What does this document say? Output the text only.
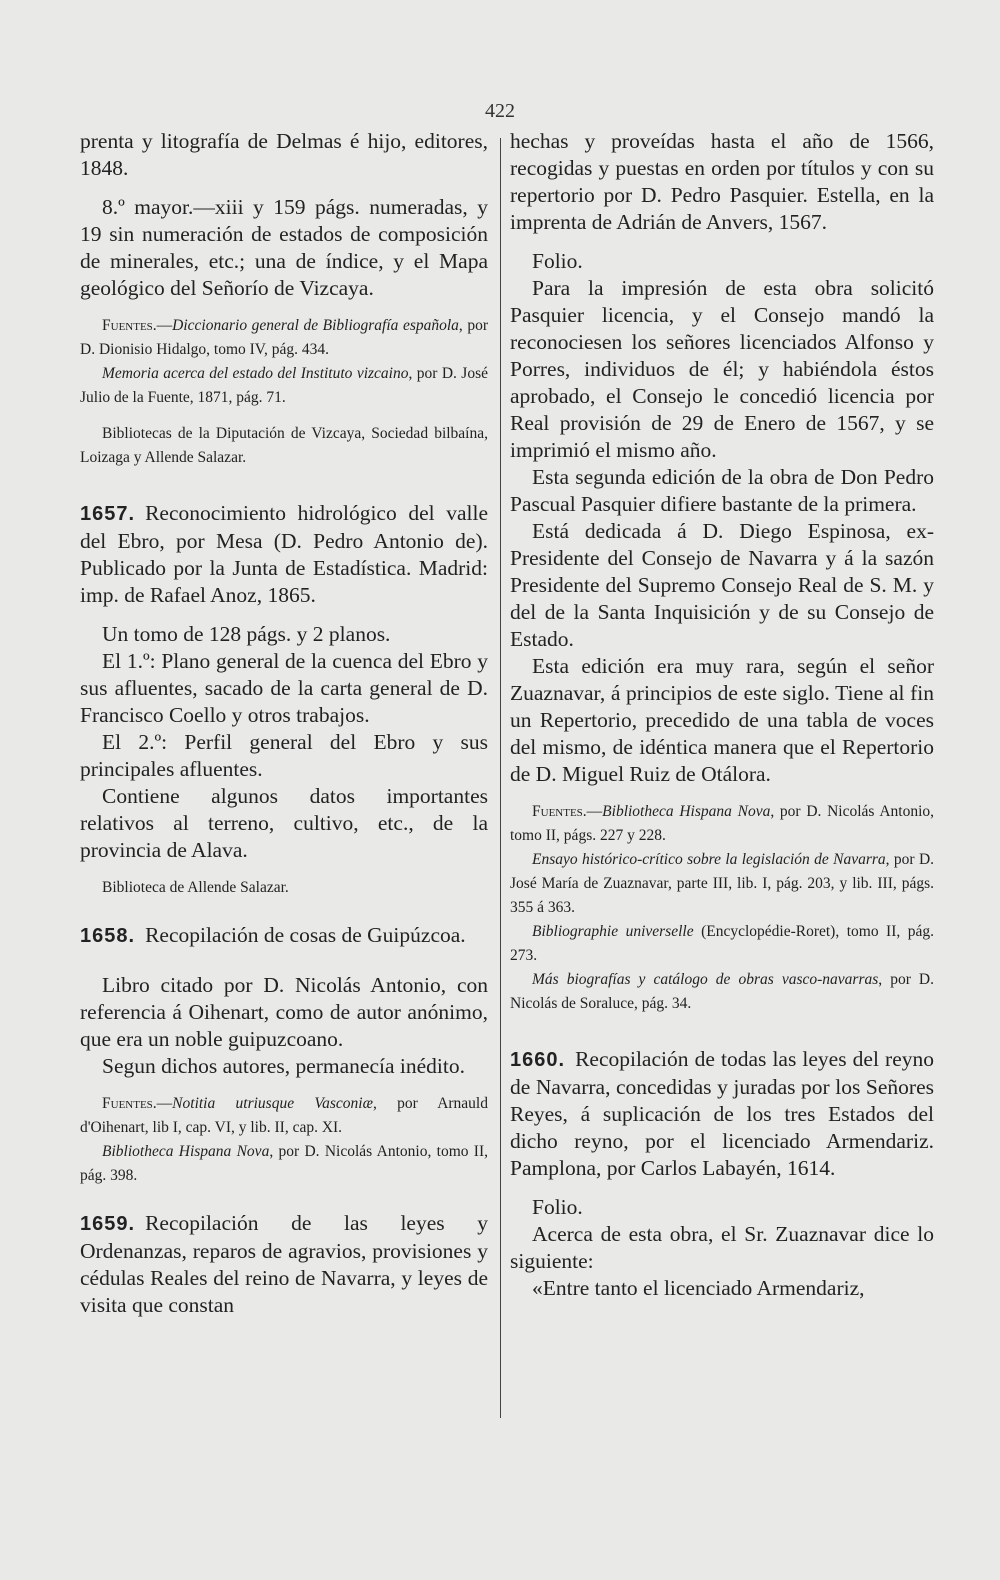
422

prenta y litografía de Delmas é hijo, editores, 1848.

8.º mayor.—xiii y 159 págs. numeradas, y 19 sin numeración de estados de composición de minerales, etc.; una de índice, y el Mapa geológico del Señorío de Vizcaya.

Fuentes.—Diccionario general de Bibliografía española, por D. Dionisio Hidalgo, tomo IV, pág. 434.

Memoria acerca del estado del Instituto vizcaino, por D. José Julio de la Fuente, 1871, pág. 71.

Bibliotecas de la Diputación de Vizcaya, Sociedad bilbaína, Loizaga y Allende Salazar.

1657. Reconocimiento hidrológico del valle del Ebro, por Mesa (D. Pedro Antonio de). Publicado por la Junta de Estadística. Madrid: imp. de Rafael Anoz, 1865.

Un tomo de 128 págs. y 2 planos.

El 1.º: Plano general de la cuenca del Ebro y sus afluentes, sacado de la carta general de D. Francisco Coello y otros trabajos.

El 2.º: Perfil general del Ebro y sus principales afluentes.

Contiene algunos datos importantes relativos al terreno, cultivo, etc., de la provincia de Alava.

Biblioteca de Allende Salazar.

1658. Recopilación de cosas de Guipúzcoa.

Libro citado por D. Nicolás Antonio, con referencia á Oihenart, como de autor anónimo, que era un noble guipuzcoano.

Segun dichos autores, permanecía inédito.

Fuentes.—Notitia utriusque Vasconiæ, por Arnauld d'Oihenart, lib I, cap. VI, y lib. II, cap. XI.

Bibliotheca Hispana Nova, por D. Nicolás Antonio, tomo II, pág. 398.

1659. Recopilación de las leyes y Ordenanzas, reparos de agravios, provisiones y cédulas Reales del reino de Navarra, y leyes de visita que constan

hechas y proveídas hasta el año de 1566, recogidas y puestas en orden por títulos y con su repertorio por D. Pedro Pasquier. Estella, en la imprenta de Adrián de Anvers, 1567.

Folio.

Para la impresión de esta obra solicitó Pasquier licencia, y el Consejo mandó la reconociesen los señores licenciados Alfonso y Porres, individuos de él; y habiéndola éstos aprobado, el Consejo le concedió licencia por Real provisión de 29 de Enero de 1567, y se imprimió el mismo año.

Esta segunda edición de la obra de Don Pedro Pascual Pasquier difiere bastante de la primera.

Está dedicada á D. Diego Espinosa, ex-Presidente del Consejo de Navarra y á la sazón Presidente del Supremo Consejo Real de S. M. y del de la Santa Inquisición y de su Consejo de Estado.

Esta edición era muy rara, según el señor Zuaznavar, á principios de este siglo. Tiene al fin un Repertorio, precedido de una tabla de voces del mismo, de idéntica manera que el Repertorio de D. Miguel Ruiz de Otálora.

Fuentes.—Bibliotheca Hispana Nova, por D. Nicolás Antonio, tomo II, págs. 227 y 228.

Ensayo histórico-crítico sobre la legislación de Navarra, por D. José María de Zuaznavar, parte III, lib. I, pág. 203, y lib. III, págs. 355 á 363.

Bibliographie universelle (Encyclopédie-Roret), tomo II, pág. 273.

Más biografías y catálogo de obras vasco-navarras, por D. Nicolás de Soraluce, pág. 34.

1660. Recopilación de todas las leyes del reyno de Navarra, concedidas y juradas por los Señores Reyes, á suplicación de los tres Estados del dicho reyno, por el licenciado Armendariz. Pamplona, por Carlos Labayén, 1614.

Folio.

Acerca de esta obra, el Sr. Zuaznavar dice lo siguiente:

«Entre tanto el licenciado Armendariz,
